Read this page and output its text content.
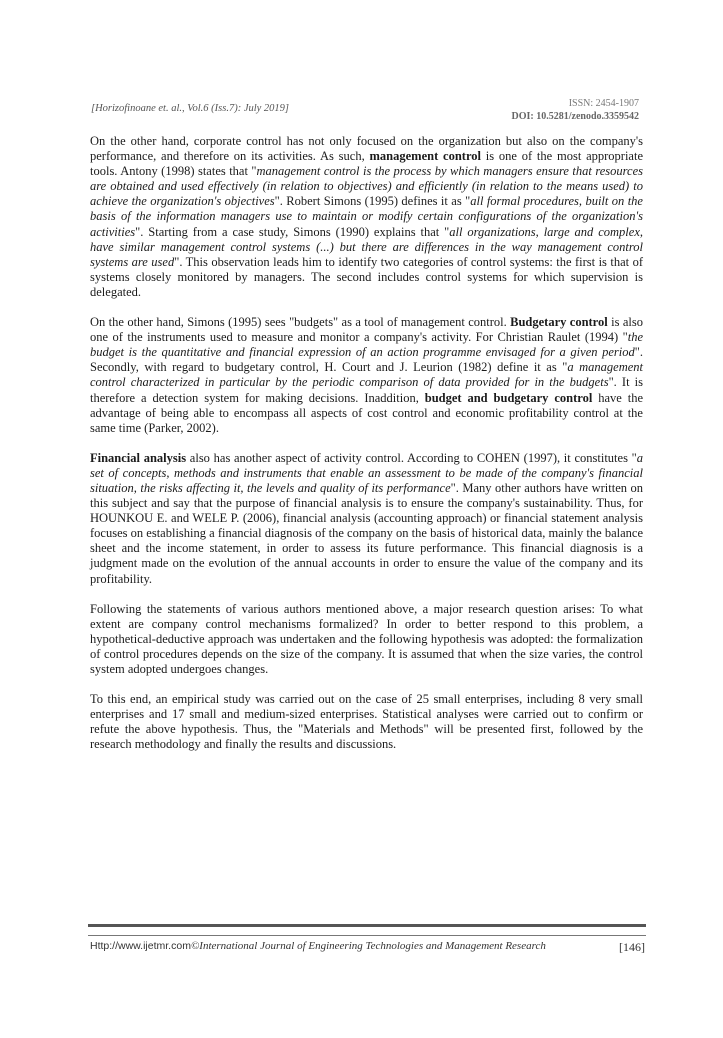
[Horizofinoane et. al., Vol.6 (Iss.7): July 2019]	ISSN: 2454-1907
DOI: 10.5281/zenodo.3359542

On the other hand, corporate control has not only focused on the organization but also on the company's performance, and therefore on its activities. As such, management control is one of the most appropriate tools. Antony (1998) states that "management control is the process by which managers ensure that resources are obtained and used effectively (in relation to objectives) and efficiently (in relation to the means used) to achieve the organization's objectives". Robert Simons (1995) defines it as "all formal procedures, built on the basis of the information managers use to maintain or modify certain configurations of the organization's activities". Starting from a case study, Simons (1990) explains that "all organizations, large and complex, have similar management control systems (...) but there are differences in the way management control systems are used". This observation leads him to identify two categories of control systems: the first is that of systems closely monitored by managers. The second includes control systems for which supervision is delegated.

On the other hand, Simons (1995) sees "budgets" as a tool of management control. Budgetary control is also one of the instruments used to measure and monitor a company's activity. For Christian Raulet (1994) "the budget is the quantitative and financial expression of an action programme envisaged for a given period". Secondly, with regard to budgetary control, H. Court and J. Leurion (1982) define it as "a management control characterized in particular by the periodic comparison of data provided for in the budgets". It is therefore a detection system for making decisions. Inaddition, budget and budgetary control have the advantage of being able to encompass all aspects of cost control and economic profitability control at the same time (Parker, 2002).

Financial analysis also has another aspect of activity control. According to COHEN (1997), it constitutes "a set of concepts, methods and instruments that enable an assessment to be made of the company's financial situation, the risks affecting it, the levels and quality of its performance". Many other authors have written on this subject and say that the purpose of financial analysis is to ensure the company's sustainability. Thus, for HOUNKOU E. and WELE P. (2006), financial analysis (accounting approach) or financial statement analysis focuses on establishing a financial diagnosis of the company on the basis of historical data, mainly the balance sheet and the income statement, in order to assess its future performance. This financial diagnosis is a judgment made on the evolution of the annual accounts in order to ensure the value of the company and its profitability.

Following the statements of various authors mentioned above, a major research question arises: To what extent are company control mechanisms formalized? In order to better respond to this problem, a hypothetical-deductive approach was undertaken and the following hypothesis was adopted: the formalization of control procedures depends on the size of the company. It is assumed that when the size varies, the control system adopted undergoes changes.

To this end, an empirical study was carried out on the case of 25 small enterprises, including 8 very small enterprises and 17 small and medium-sized enterprises. Statistical analyses were carried out to confirm or refute the above hypothesis. Thus, the "Materials and Methods" will be presented first, followed by the research methodology and finally the results and discussions.

Http://www.ijetmr.com©International Journal of Engineering Technologies and Management Research	[146]
